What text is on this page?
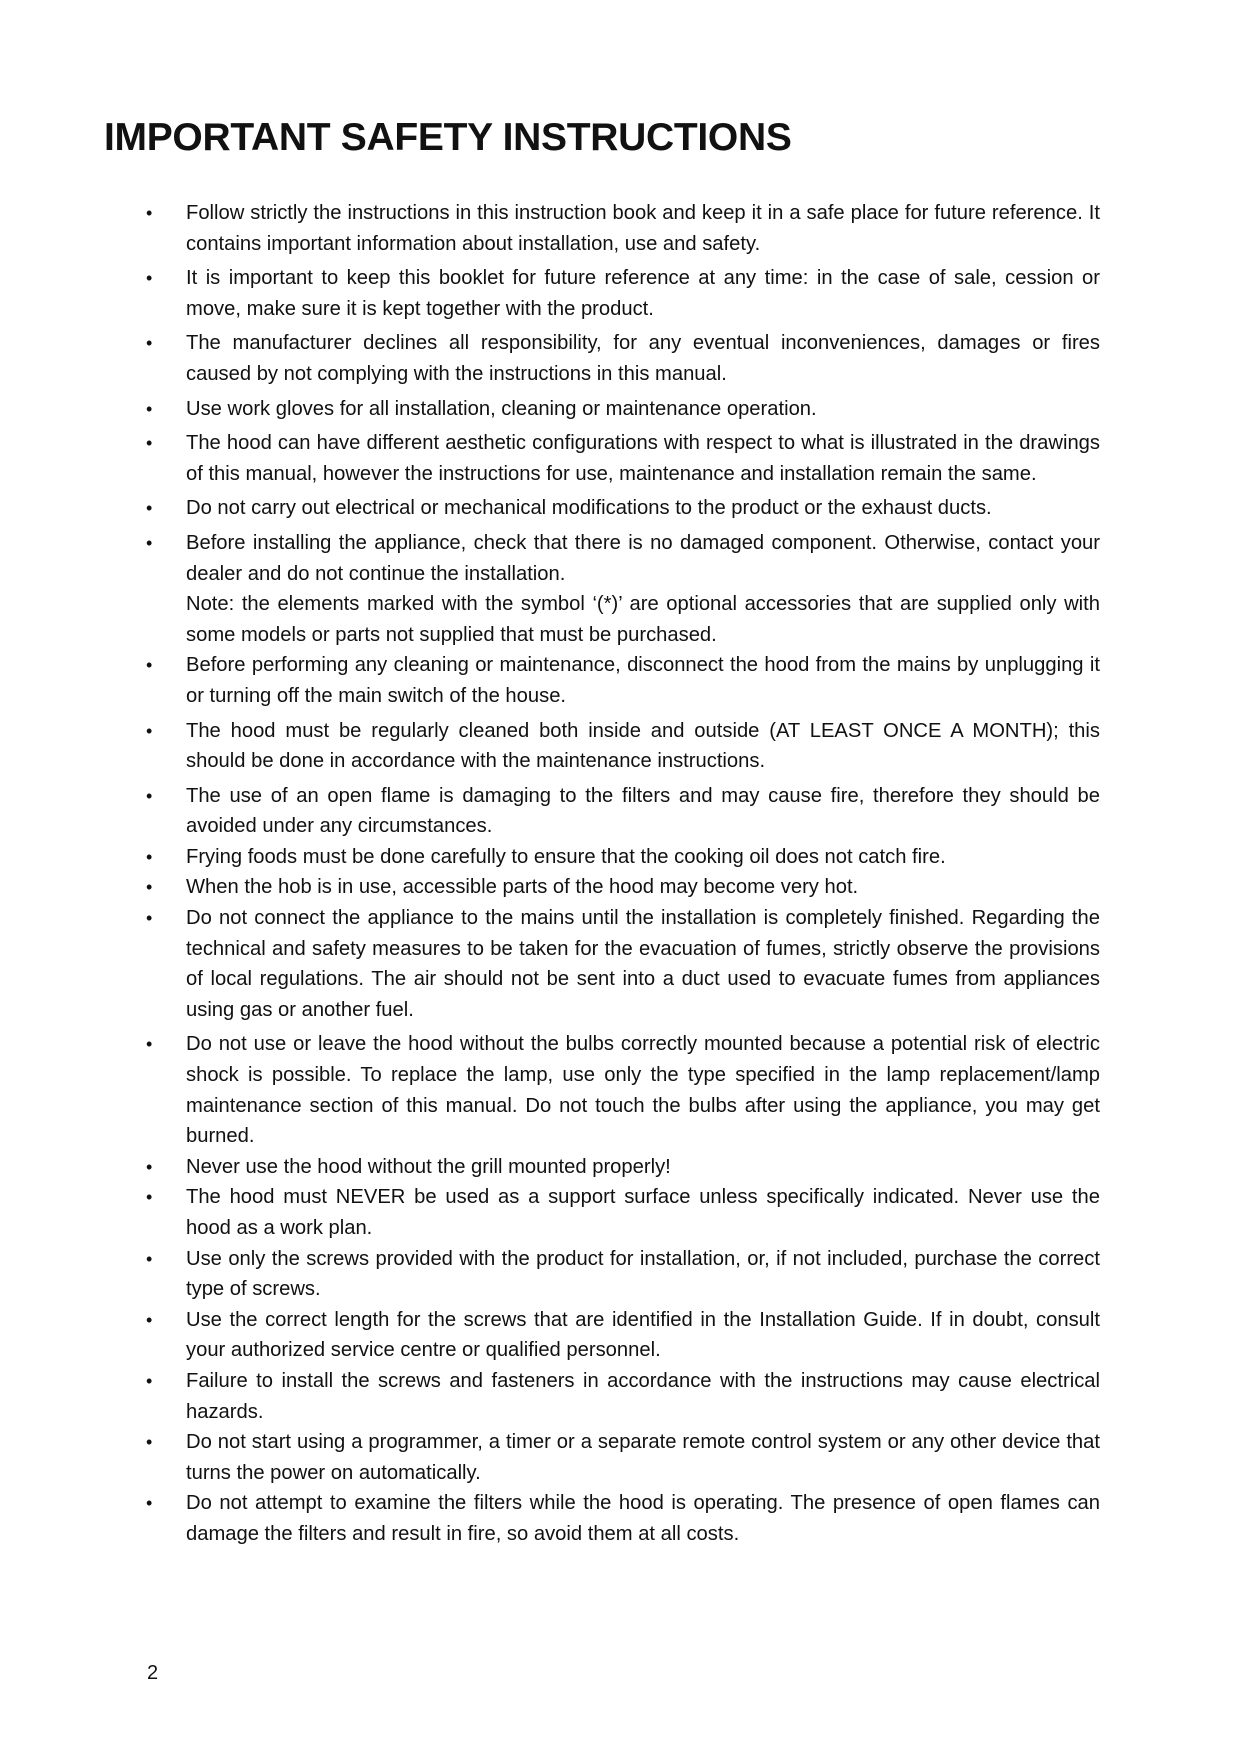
IMPORTANT SAFETY INSTRUCTIONS
•	Follow strictly the instructions in this instruction book and keep it in a safe place for future reference. It contains important information about installation, use and safety.
•	It is important to keep this booklet for future reference at any time: in the case of sale, cession or move, make sure it is kept together with the product.
•	The manufacturer declines all responsibility, for any eventual inconveniences, damages or fires caused by not complying with the instructions in this manual.
•	Use work gloves for all installation, cleaning or maintenance operation.
•	The hood can have different aesthetic configurations with respect to what is illustrated in the drawings of this manual, however the instructions for use, maintenance and installation remain the same.
•	Do not carry out electrical or mechanical modifications to the product or the exhaust ducts.
•	Before installing the appliance, check that there is no damaged component. Otherwise, contact your dealer and do not continue the installation.
Note: the elements marked with the symbol ‘(*)’ are optional accessories that are supplied only with some models or parts not supplied that must be purchased.
•	Before performing any cleaning or maintenance, disconnect the hood from the mains by unplugging it or turning off the main switch of the house.
•	The hood must be regularly cleaned both inside and outside (AT LEAST ONCE A MONTH); this should be done in accordance with the maintenance instructions.
•	The use of an open flame is damaging to the filters and may cause fire, therefore they should be avoided under any circumstances.
•	Frying foods must be done carefully to ensure that the cooking oil does not catch fire.
•	When the hob is in use, accessible parts of the hood may become very hot.
•	Do not connect the appliance to the mains until the installation is completely finished. Regarding the technical and safety measures to be taken for the evacuation of fumes, strictly observe the provisions of local regulations. The air should not be sent into a duct used to evacuate fumes from appliances using gas or another fuel.
•	Do not use or leave the hood without the bulbs correctly mounted because a potential risk of electric shock is possible. To replace the lamp, use only the type specified in the lamp replacement/lamp maintenance section of this manual. Do not touch the bulbs after using the appliance, you may get burned.
•	Never use the hood without the grill mounted properly!
•	The hood must NEVER be used as a support surface unless specifically indicated. Never use the hood as a work plan.
•	Use only the screws provided with the product for installation, or, if not included, purchase the correct type of screws.
•	Use the correct length for the screws that are identified in the Installation Guide. If in doubt, consult your authorized service centre or qualified personnel.
•	Failure to install the screws and fasteners in accordance with the instructions may cause electrical hazards.
•	Do not start using a programmer, a timer or a separate remote control system or any other device that turns the power on automatically.
•	Do not attempt to examine the filters while the hood is operating. The presence of open flames can damage the filters and result in fire, so avoid them at all costs.
2
